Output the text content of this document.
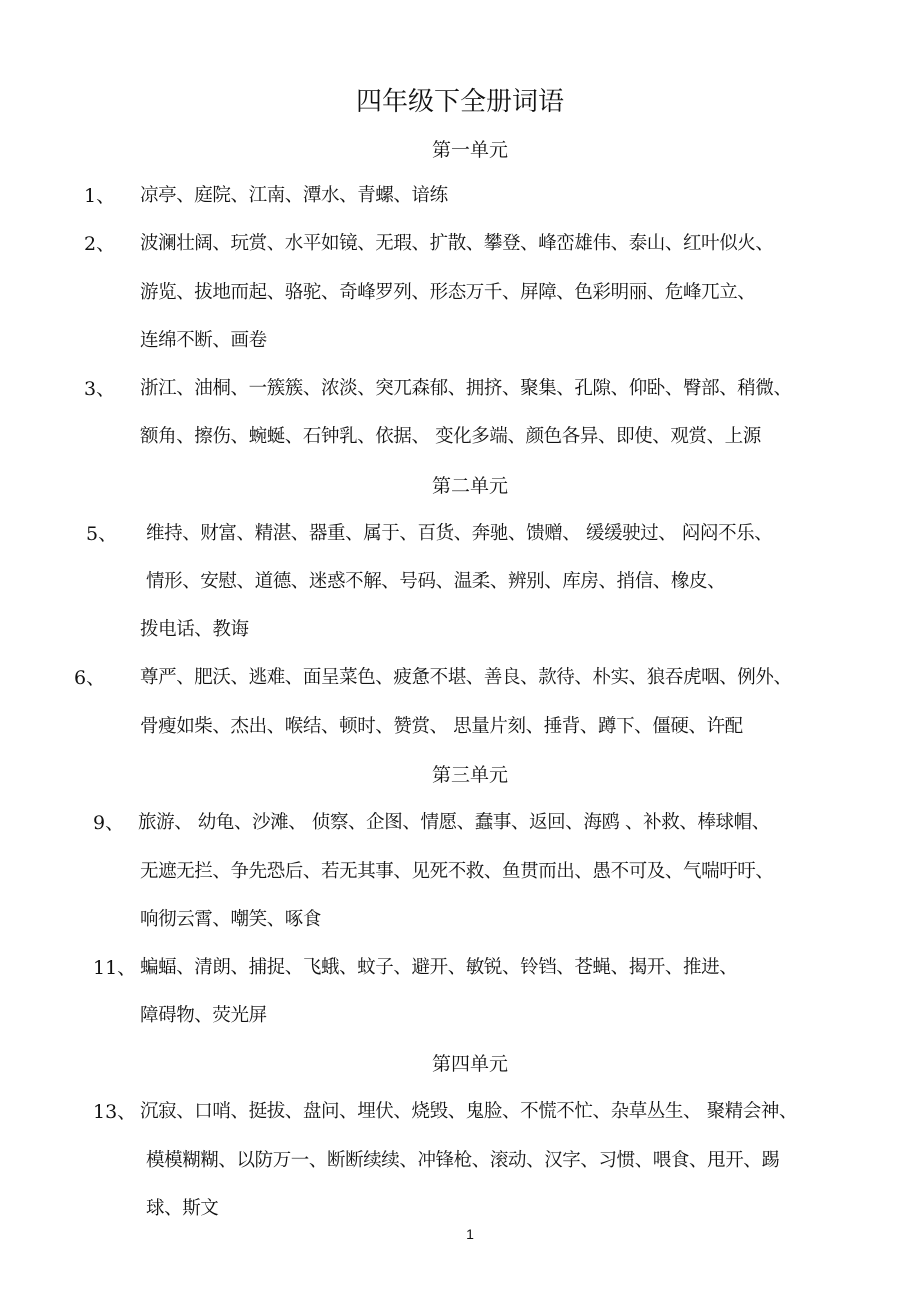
四年级下全册词语
第一单元
1、 凉亭、庭院、江南、潭水、青螺、谙练
2、 波澜壮阔、玩赏、水平如镜、无瑕、扩散、攀登、峰峦雄伟、泰山、红叶似火、
游览、拔地而起、骆驼、奇峰罗列、形态万千、屏障、色彩明丽、危峰兀立、
连绵不断、画卷
3、 浙江、油桐、一簇簇、浓淡、突兀森郁、拥挤、聚集、孔隙、仰卧、臀部、稍微、
额角、擦伤、蜿蜒、石钟乳、依据、 变化多端、颜色各异、即使、观赏、上源
第二单元
5、 维持、财富、精湛、器重、属于、百货、奔驰、馈赠、 缓缓驶过、 闷闷不乐、
情形、安慰、道德、迷惑不解、号码、温柔、辨别、库房、捎信、橡皮、
拨电话、教诲
6、 尊严、肥沃、逃难、面呈菜色、疲惫不堪、善良、款待、朴实、狼吞虎咽、例外、
骨瘦如柴、杰出、喉结、顿时、赞赏、 思量片刻、捶背、蹲下、僵硬、许配
第三单元
9、 旅游、 幼龟、沙滩、 侦察、企图、情愿、蠢事、返回、海鸥 、补救、棒球帽、
无遮无拦、争先恐后、若无其事、见死不救、鱼贯而出、愚不可及、气喘吁吁、
响彻云霄、嘲笑、啄食
11、 蝙蝠、清朗、捕捉、飞蛾、蚊子、避开、敏锐、铃铛、苍蝇、揭开、推进、
障碍物、荧光屏
第四单元
13、 沉寂、口哨、挺拔、盘问、埋伏、烧毁、鬼脸、不慌不忙、杂草丛生、 聚精会神、
模模糊糊、以防万一、断断续续、冲锋枪、滚动、汉字、习惯、喂食、甩开、踢
球、斯文
1
